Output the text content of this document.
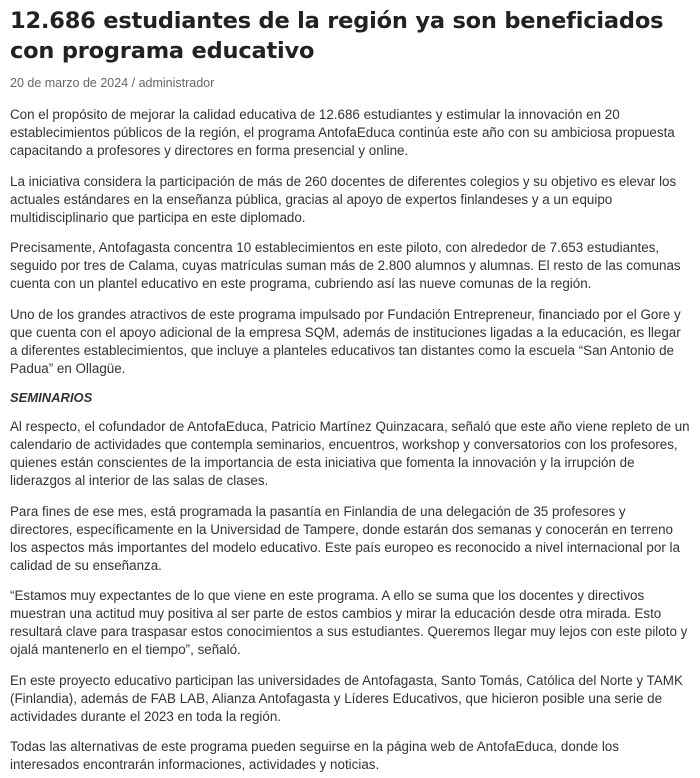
12.686 estudiantes de la región ya son beneficiados con programa educativo
20 de marzo de 2024 / administrador

Con el propósito de mejorar la calidad educativa de 12.686 estudiantes y estimular la innovación en 20 establecimientos públicos de la región, el programa AntofaEduca continúa este año con su ambiciosa propuesta capacitando a profesores y directores en forma presencial y online.

La iniciativa considera la participación de más de 260 docentes de diferentes colegios y su objetivo es elevar los actuales estándares en la enseñanza pública, gracias al apoyo de expertos finlandeses y a un equipo multidisciplinario que participa en este diplomado.

Precisamente, Antofagasta concentra 10 establecimientos en este piloto, con alrededor de 7.653 estudiantes, seguido por tres de Calama, cuyas matrículas suman más de 2.800 alumnos y alumnas. El resto de las comunas cuenta con un plantel educativo en este programa, cubriendo así las nueve comunas de la región.

Uno de los grandes atractivos de este programa impulsado por Fundación Entrepreneur, financiado por el Gore y que cuenta con el apoyo adicional de la empresa SQM, además de instituciones ligadas a la educación, es llegar a diferentes establecimientos, que incluye a planteles educativos tan distantes como la escuela “San Antonio de Padua” en Ollagüe.

SEMINARIOS

Al respecto, el cofundador de AntofaEduca, Patricio Martínez Quinzacara, señaló que este año viene repleto de un calendario de actividades que contempla seminarios, encuentros, workshop y conversatorios con los profesores, quienes están conscientes de la importancia de esta iniciativa que fomenta la innovación y la irrupción de liderazgos al interior de las salas de clases.

Para fines de ese mes, está programada la pasantía en Finlandia de una delegación de 35 profesores y directores, específicamente en la Universidad de Tampere, donde estarán dos semanas y conocerán en terreno los aspectos más importantes del modelo educativo. Este país europeo es reconocido a nivel internacional por la calidad de su enseñanza.

“Estamos muy expectantes de lo que viene en este programa. A ello se suma que los docentes y directivos muestran una actitud muy positiva al ser parte de estos cambios y mirar la educación desde otra mirada. Esto resultará clave para traspasar estos conocimientos a sus estudiantes. Queremos llegar muy lejos con este piloto y ojalá mantenerlo en el tiempo”, señaló.

En este proyecto educativo participan las universidades de Antofagasta, Santo Tomás, Católica del Norte y TAMK (Finlandia), además de FAB LAB, Alianza Antofagasta y Líderes Educativos, que hicieron posible una serie de actividades durante el 2023 en toda la región.

Todas las alternativas de este programa pueden seguirse en la página web de AntofaEduca, donde los interesados encontrarán informaciones, actividades y noticias.
